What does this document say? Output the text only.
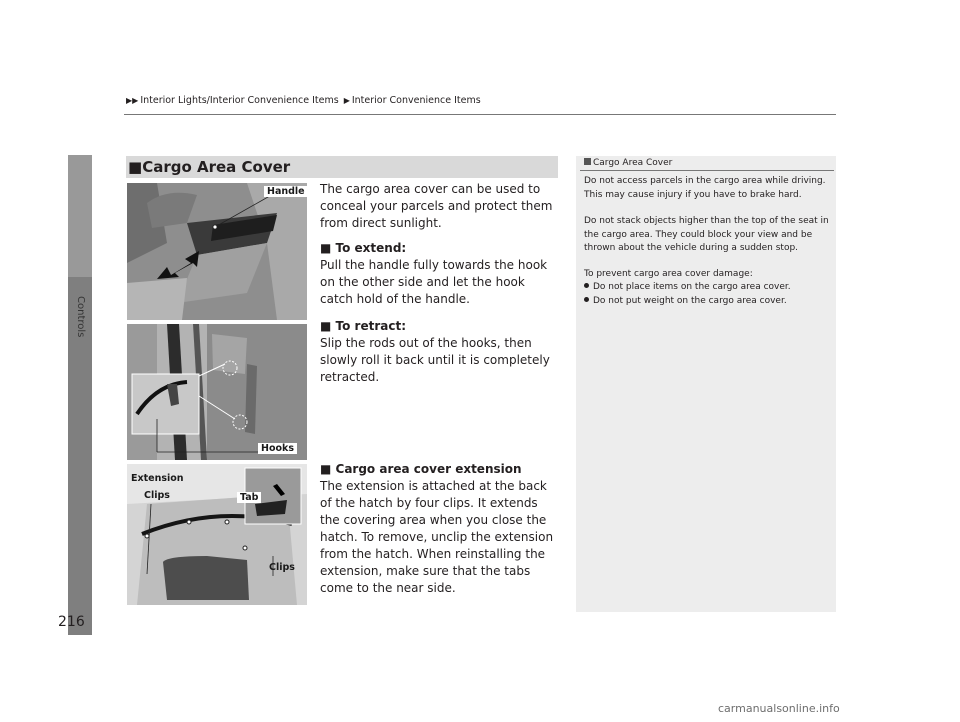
Controls
▶▶ Interior Lights/Interior Convenience Items ▶ Interior Convenience Items
■Cargo Area Cover
Handle
Hooks
Extension
Clips	Tab
Clips
The cargo area cover can be used to conceal your parcels and protect them from direct sunlight.
■ To extend:
Pull the handle fully towards the hook on the other side and let the hook catch hold of the handle.
■ To retract:
Slip the rods out of the hooks, then slowly roll it back until it is completely retracted.
■ Cargo area cover extension
The extension is attached at the back of the hatch by four clips. It extends the covering area when you close the hatch. To remove, unclip the extension from the hatch. When reinstalling the extension, make sure that the tabs come to the near side.
Cargo Area Cover
Do not access parcels in the cargo area while driving. This may cause injury if you have to brake hard.
Do not stack objects higher than the top of the seat in the cargo area. They could block your view and be thrown about the vehicle during a sudden stop.
To prevent cargo area cover damage:
Do not place items on the cargo area cover.
Do not put weight on the cargo area cover.
216
carmanualsonline.info
